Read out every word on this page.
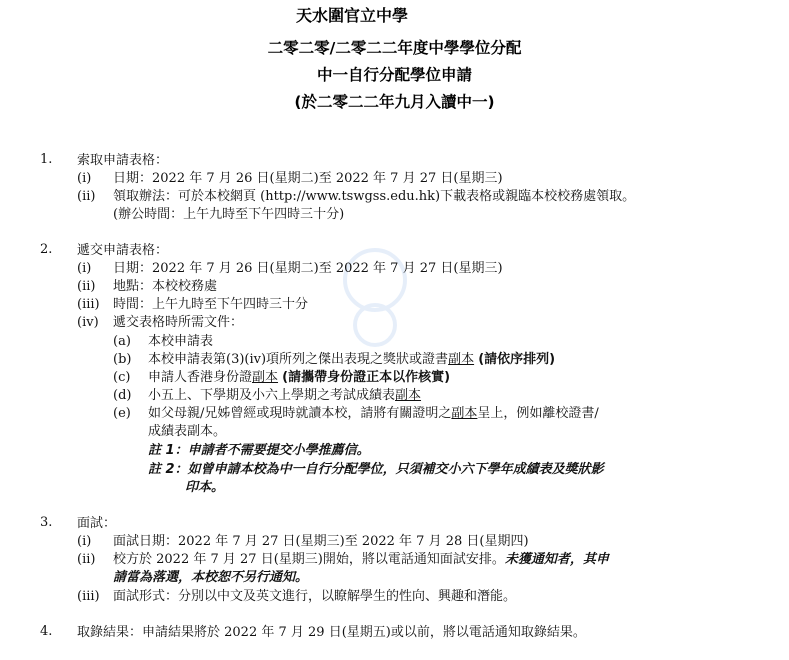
天水圍官立中學
二零二零/二零二二年度中學學位分配
中一自行分配學位申請
(於二零二二年九月入讀中一)
1. 索取申請表格：
(i) 日期：2022 年 7 月 26 日(星期二)至 2022 年 7 月 27 日(星期三)
(ii) 領取辦法：可於本校網頁 (http://www.tswgss.edu.hk)下載表格或親臨本校校務處領取。
(辦公時間：上午九時至下午四時三十分)
2. 遞交申請表格：
(i) 日期：2022 年 7 月 26 日(星期二)至 2022 年 7 月 27 日(星期三)
(ii) 地點：本校校務處
(iii) 時間：上午九時至下午四時三十分
(iv) 遞交表格時所需文件：
(a) 本校申請表
(b) 本校申請表第(3)(iv)項所列之傑出表現之獎狀或證書副本 (請依序排列)
(c) 申請人香港身份證副本 (請攜帶身份證正本以作核實)
(d) 小五上、下學期及小六上學期之考試成績表副本
(e) 如父母親/兄姊曾經或現時就讀本校，請將有關證明之副本呈上，例如離校證書/
成績表副本。
註 1：申請者不需要提交小學推薦信。
註 2：如曾申請本校為中一自行分配學位，只須補交小六下學年成績表及獎狀影
印本。
3. 面試：
(i) 面試日期：2022 年 7 月 27 日(星期三)至 2022 年 7 月 28 日(星期四)
(ii) 校方於 2022 年 7 月 27 日(星期三)開始，將以電話通知面試安排。未獲通知者，其申
請當為落選，本校恕不另行通知。
(iii) 面試形式：分別以中文及英文進行，以瞭解學生的性向、興趣和潛能。
4. 取錄結果：申請結果將於 2022 年 7 月 29 日(星期五)或以前，將以電話通知取錄結果。
